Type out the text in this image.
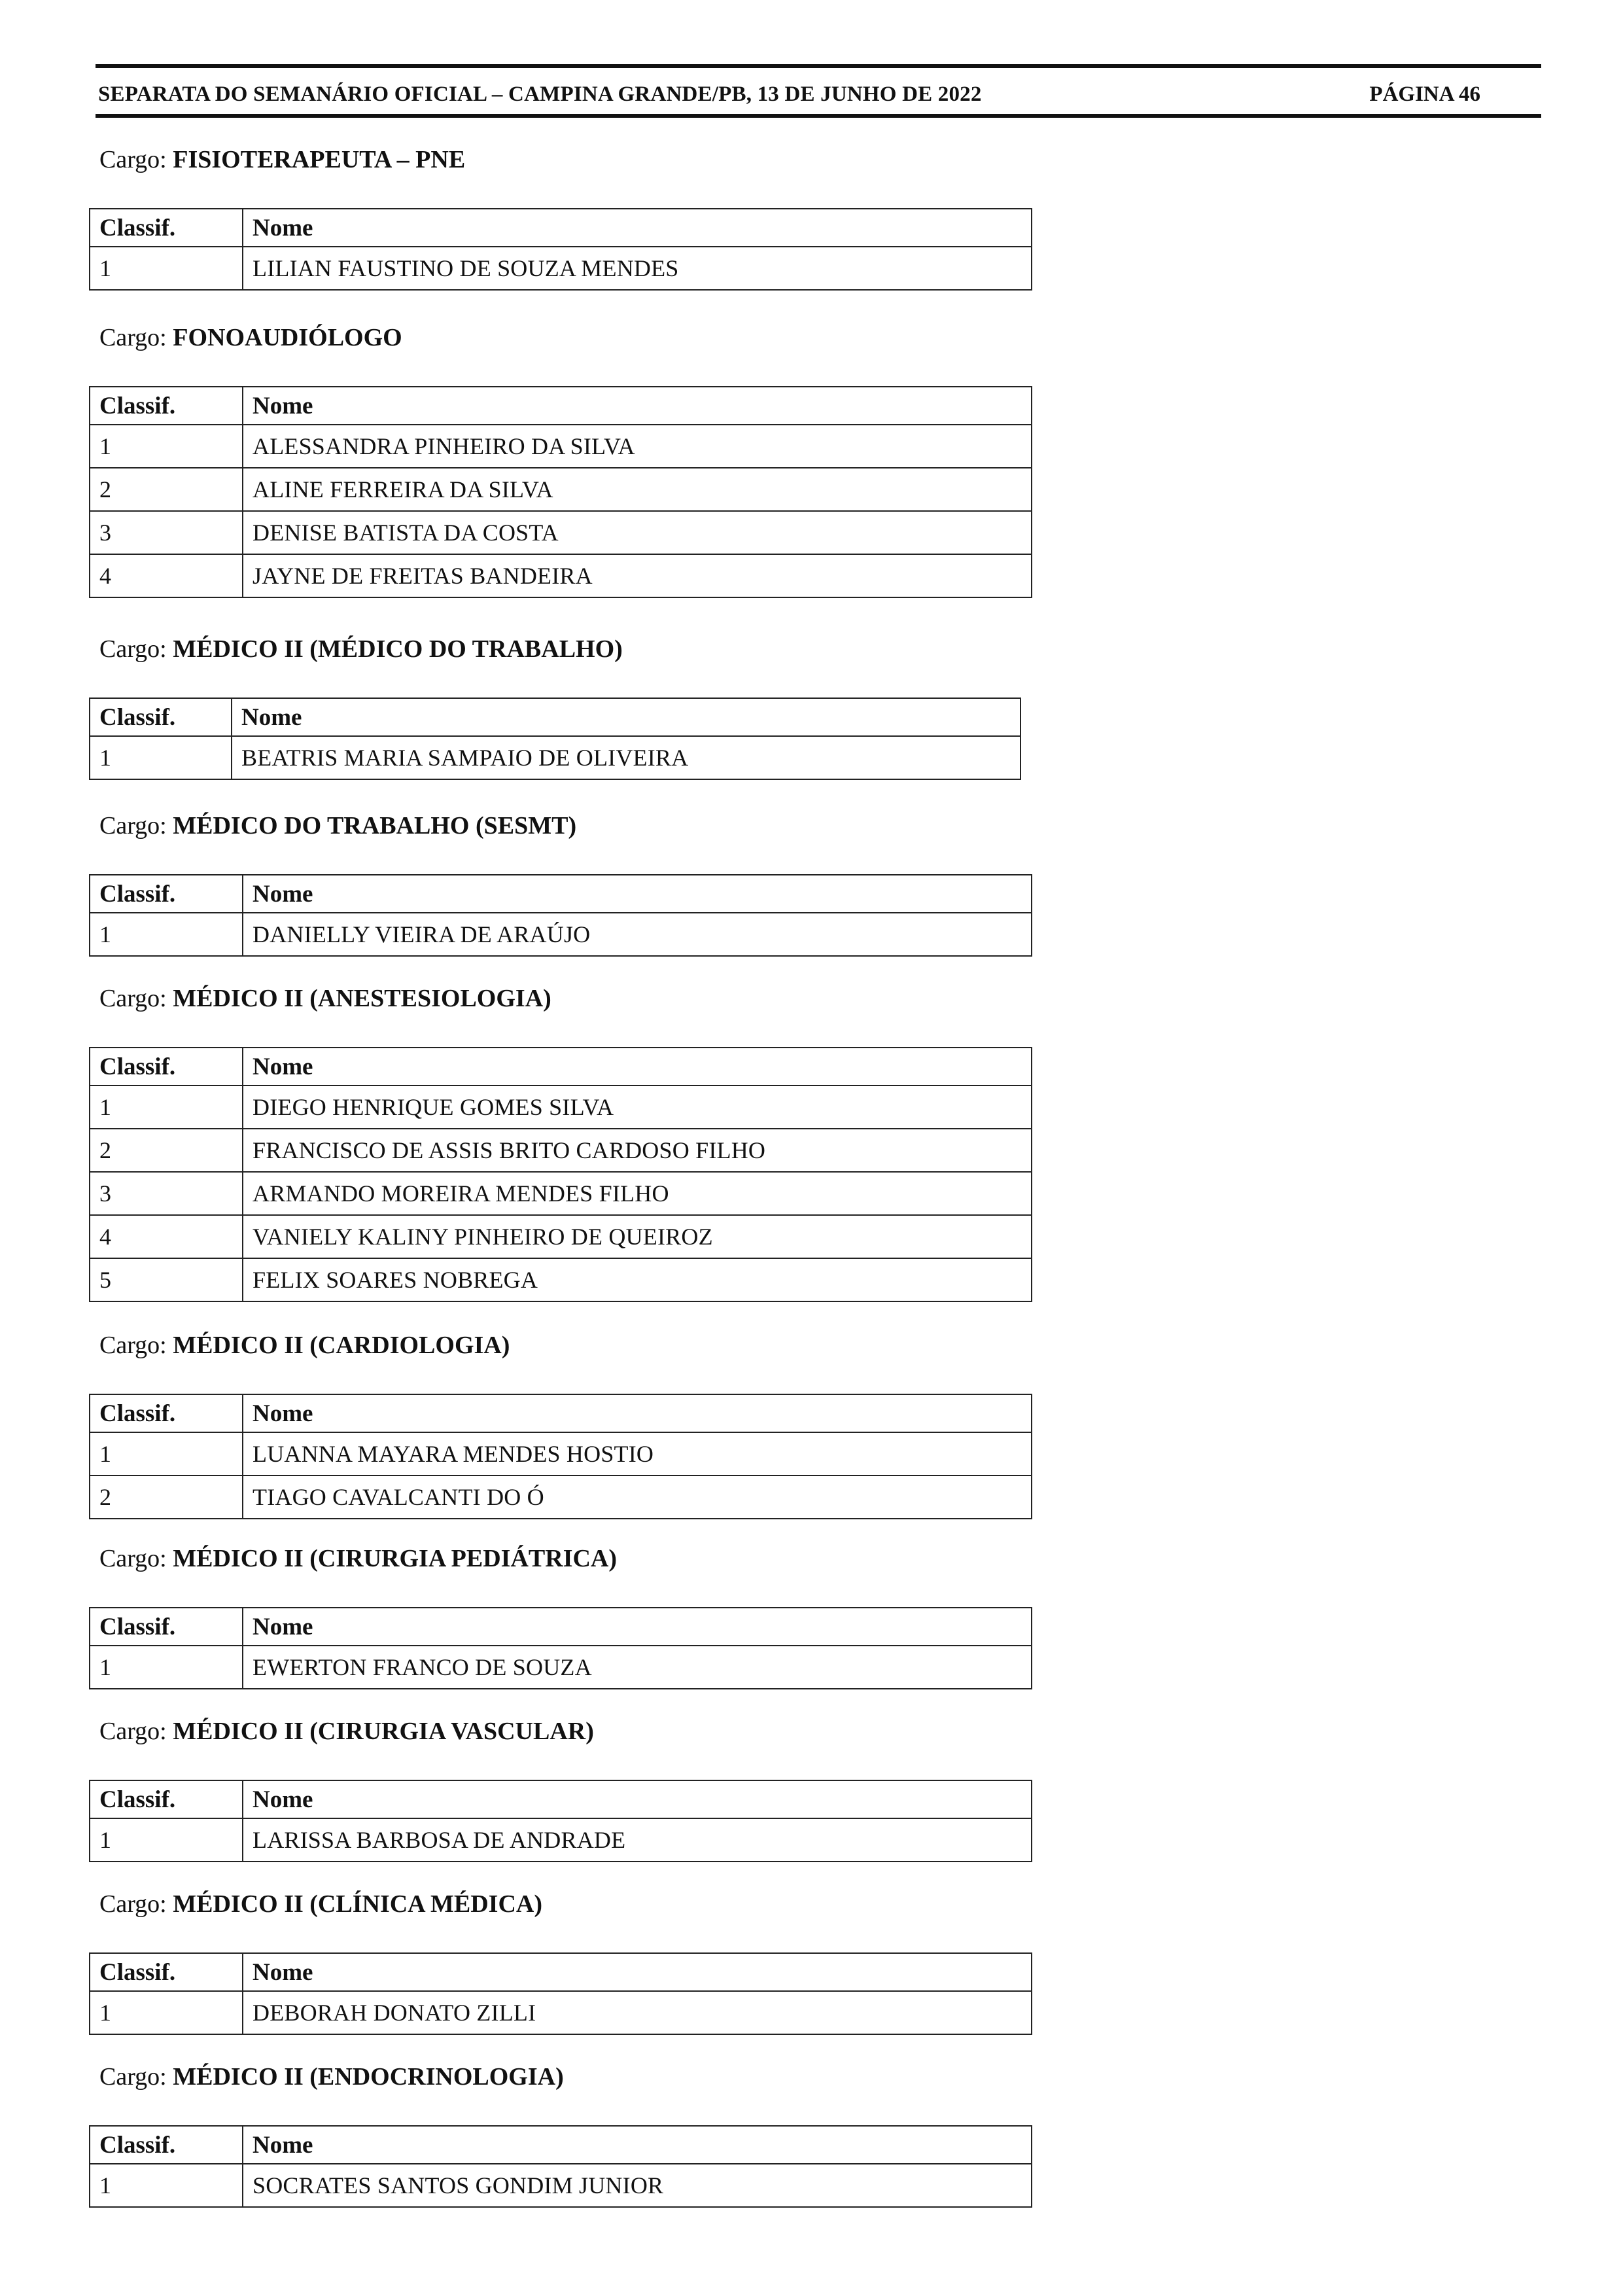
SEPARATA DO SEMANÁRIO OFICIAL – CAMPINA GRANDE/PB, 13 DE JUNHO DE 2022	PÁGINA 46
Cargo: FISIOTERAPEUTA – PNE
Classif.	Nome
1	LILIAN FAUSTINO DE SOUZA MENDES
Cargo: FONOAUDIÓLOGO
Classif.	Nome
1	ALESSANDRA PINHEIRO DA SILVA
2	ALINE FERREIRA DA SILVA
3	DENISE BATISTA DA COSTA
4	JAYNE DE FREITAS BANDEIRA
Cargo: MÉDICO II (MÉDICO DO TRABALHO)
Classif.	Nome
1	BEATRIS MARIA SAMPAIO DE OLIVEIRA
Cargo: MÉDICO DO TRABALHO (SESMT)
Classif.	Nome
1	DANIELLY VIEIRA DE ARAÚJO
Cargo: MÉDICO II (ANESTESIOLOGIA)
Classif.	Nome
1	DIEGO HENRIQUE GOMES SILVA
2	FRANCISCO DE ASSIS BRITO CARDOSO FILHO
3	ARMANDO MOREIRA MENDES FILHO
4	VANIELY KALINY PINHEIRO DE QUEIROZ
5	FELIX SOARES NOBREGA
Cargo: MÉDICO II (CARDIOLOGIA)
Classif.	Nome
1	LUANNA MAYARA MENDES HOSTIO
2	TIAGO CAVALCANTI DO Ó
Cargo: MÉDICO II (CIRURGIA PEDIÁTRICA)
Classif.	Nome
1	EWERTON FRANCO DE SOUZA
Cargo: MÉDICO II (CIRURGIA VASCULAR)
Classif.	Nome
1	LARISSA BARBOSA DE ANDRADE
Cargo: MÉDICO II (CLÍNICA MÉDICA)
Classif.	Nome
1	DEBORAH DONATO ZILLI
Cargo: MÉDICO II (ENDOCRINOLOGIA)
Classif.	Nome
1	SOCRATES SANTOS GONDIM JUNIOR
